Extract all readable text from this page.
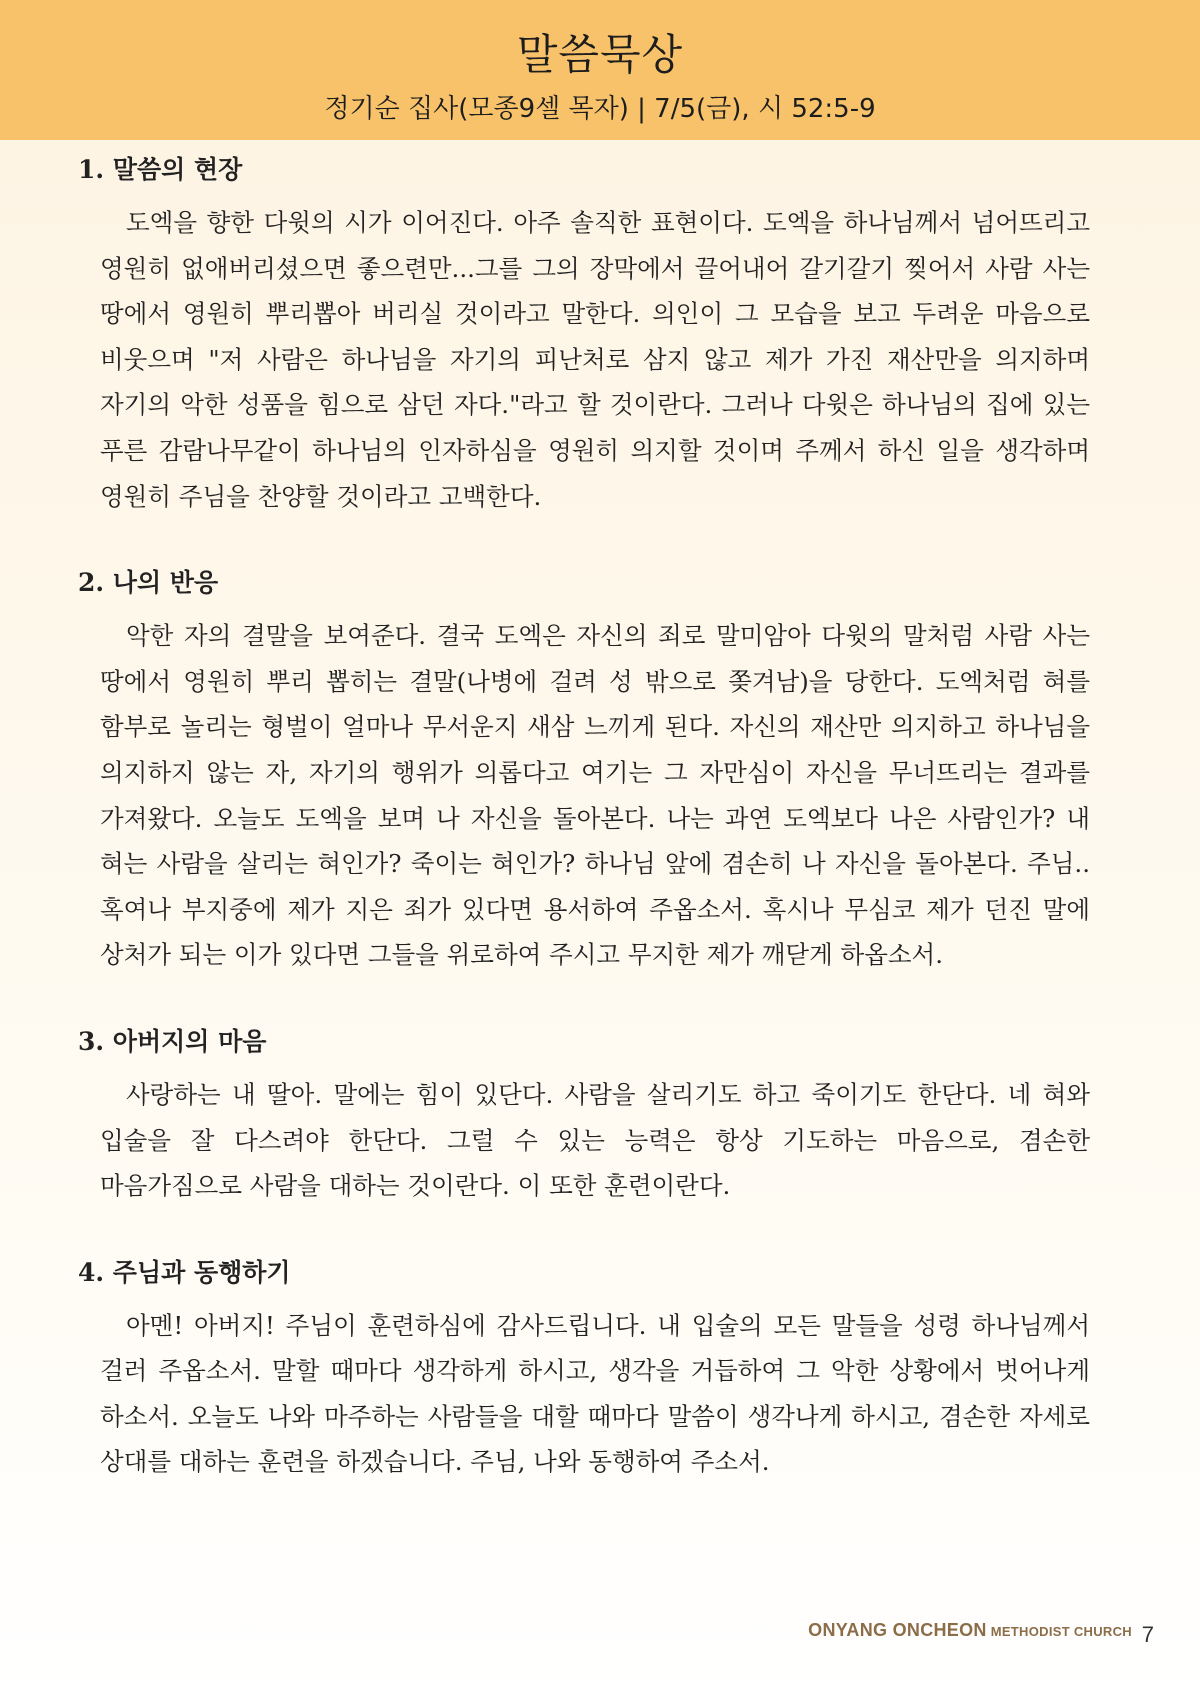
말씀묵상
정기순 집사(모종9셀 목자) | 7/5(금), 시 52:5-9
1. 말씀의 현장

도엑을 향한 다윗의 시가 이어진다. 아주 솔직한 표현이다. 도엑을 하나님께서 넘어뜨리고 영원히 없애버리셨으면 좋으련만...그를 그의 장막에서 끌어내어 갈기갈기 찢어서 사람 사는 땅에서 영원히 뿌리뽑아 버리실 것이라고 말한다. 의인이 그 모습을 보고 두려운 마음으로 비웃으며 "저 사람은 하나님을 자기의 피난처로 삼지 않고 제가 가진 재산만을 의지하며 자기의 악한 성품을 힘으로 삼던 자다."라고 할 것이란다. 그러나 다윗은 하나님의 집에 있는 푸른 감람나무같이 하나님의 인자하심을 영원히 의지할 것이며 주께서 하신 일을 생각하며 영원히 주님을 찬양할 것이라고 고백한다.

2. 나의 반응

악한 자의 결말을 보여준다. 결국 도엑은 자신의 죄로 말미암아 다윗의 말처럼 사람 사는 땅에서 영원히 뿌리 뽑히는 결말(나병에 걸려 성 밖으로 쫒겨남)을 당한다. 도엑처럼 혀를 함부로 놀리는 형벌이 얼마나 무서운지 새삼 느끼게 된다. 자신의 재산만 의지하고 하나님을 의지하지 않는 자, 자기의 행위가 의롭다고 여기는 그 자만심이 자신을 무너뜨리는 결과를 가져왔다. 오늘도 도엑을 보며 나 자신을 돌아본다. 나는 과연 도엑보다 나은 사람인가? 내 혀는 사람을 살리는 혀인가? 죽이는 혀인가? 하나님 앞에 겸손히 나 자신을 돌아본다. 주님.. 혹여나 부지중에 제가 지은 죄가 있다면 용서하여 주옵소서. 혹시나 무심코 제가 던진 말에 상처가 되는 이가 있다면 그들을 위로하여 주시고 무지한 제가 깨닫게 하옵소서.

3. 아버지의 마음

사랑하는 내 딸아. 말에는 힘이 있단다. 사람을 살리기도 하고 죽이기도 한단다. 네 혀와 입술을 잘 다스려야 한단다. 그럴 수 있는 능력은 항상 기도하는 마음으로, 겸손한 마음가짐으로 사람을 대하는 것이란다. 이 또한 훈련이란다.

4. 주님과 동행하기

아멘! 아버지! 주님이 훈련하심에 감사드립니다. 내 입술의 모든 말들을 성령 하나님께서 걸러 주옵소서. 말할 때마다 생각하게 하시고, 생각을 거듭하여 그 악한 상황에서 벗어나게 하소서. 오늘도 나와 마주하는 사람들을 대할 때마다 말씀이 생각나게 하시고, 겸손한 자세로 상대를 대하는 훈련을 하겠습니다. 주님, 나와 동행하여 주소서.

ONYANG ONCHEON METHODIST CHURCH 7
